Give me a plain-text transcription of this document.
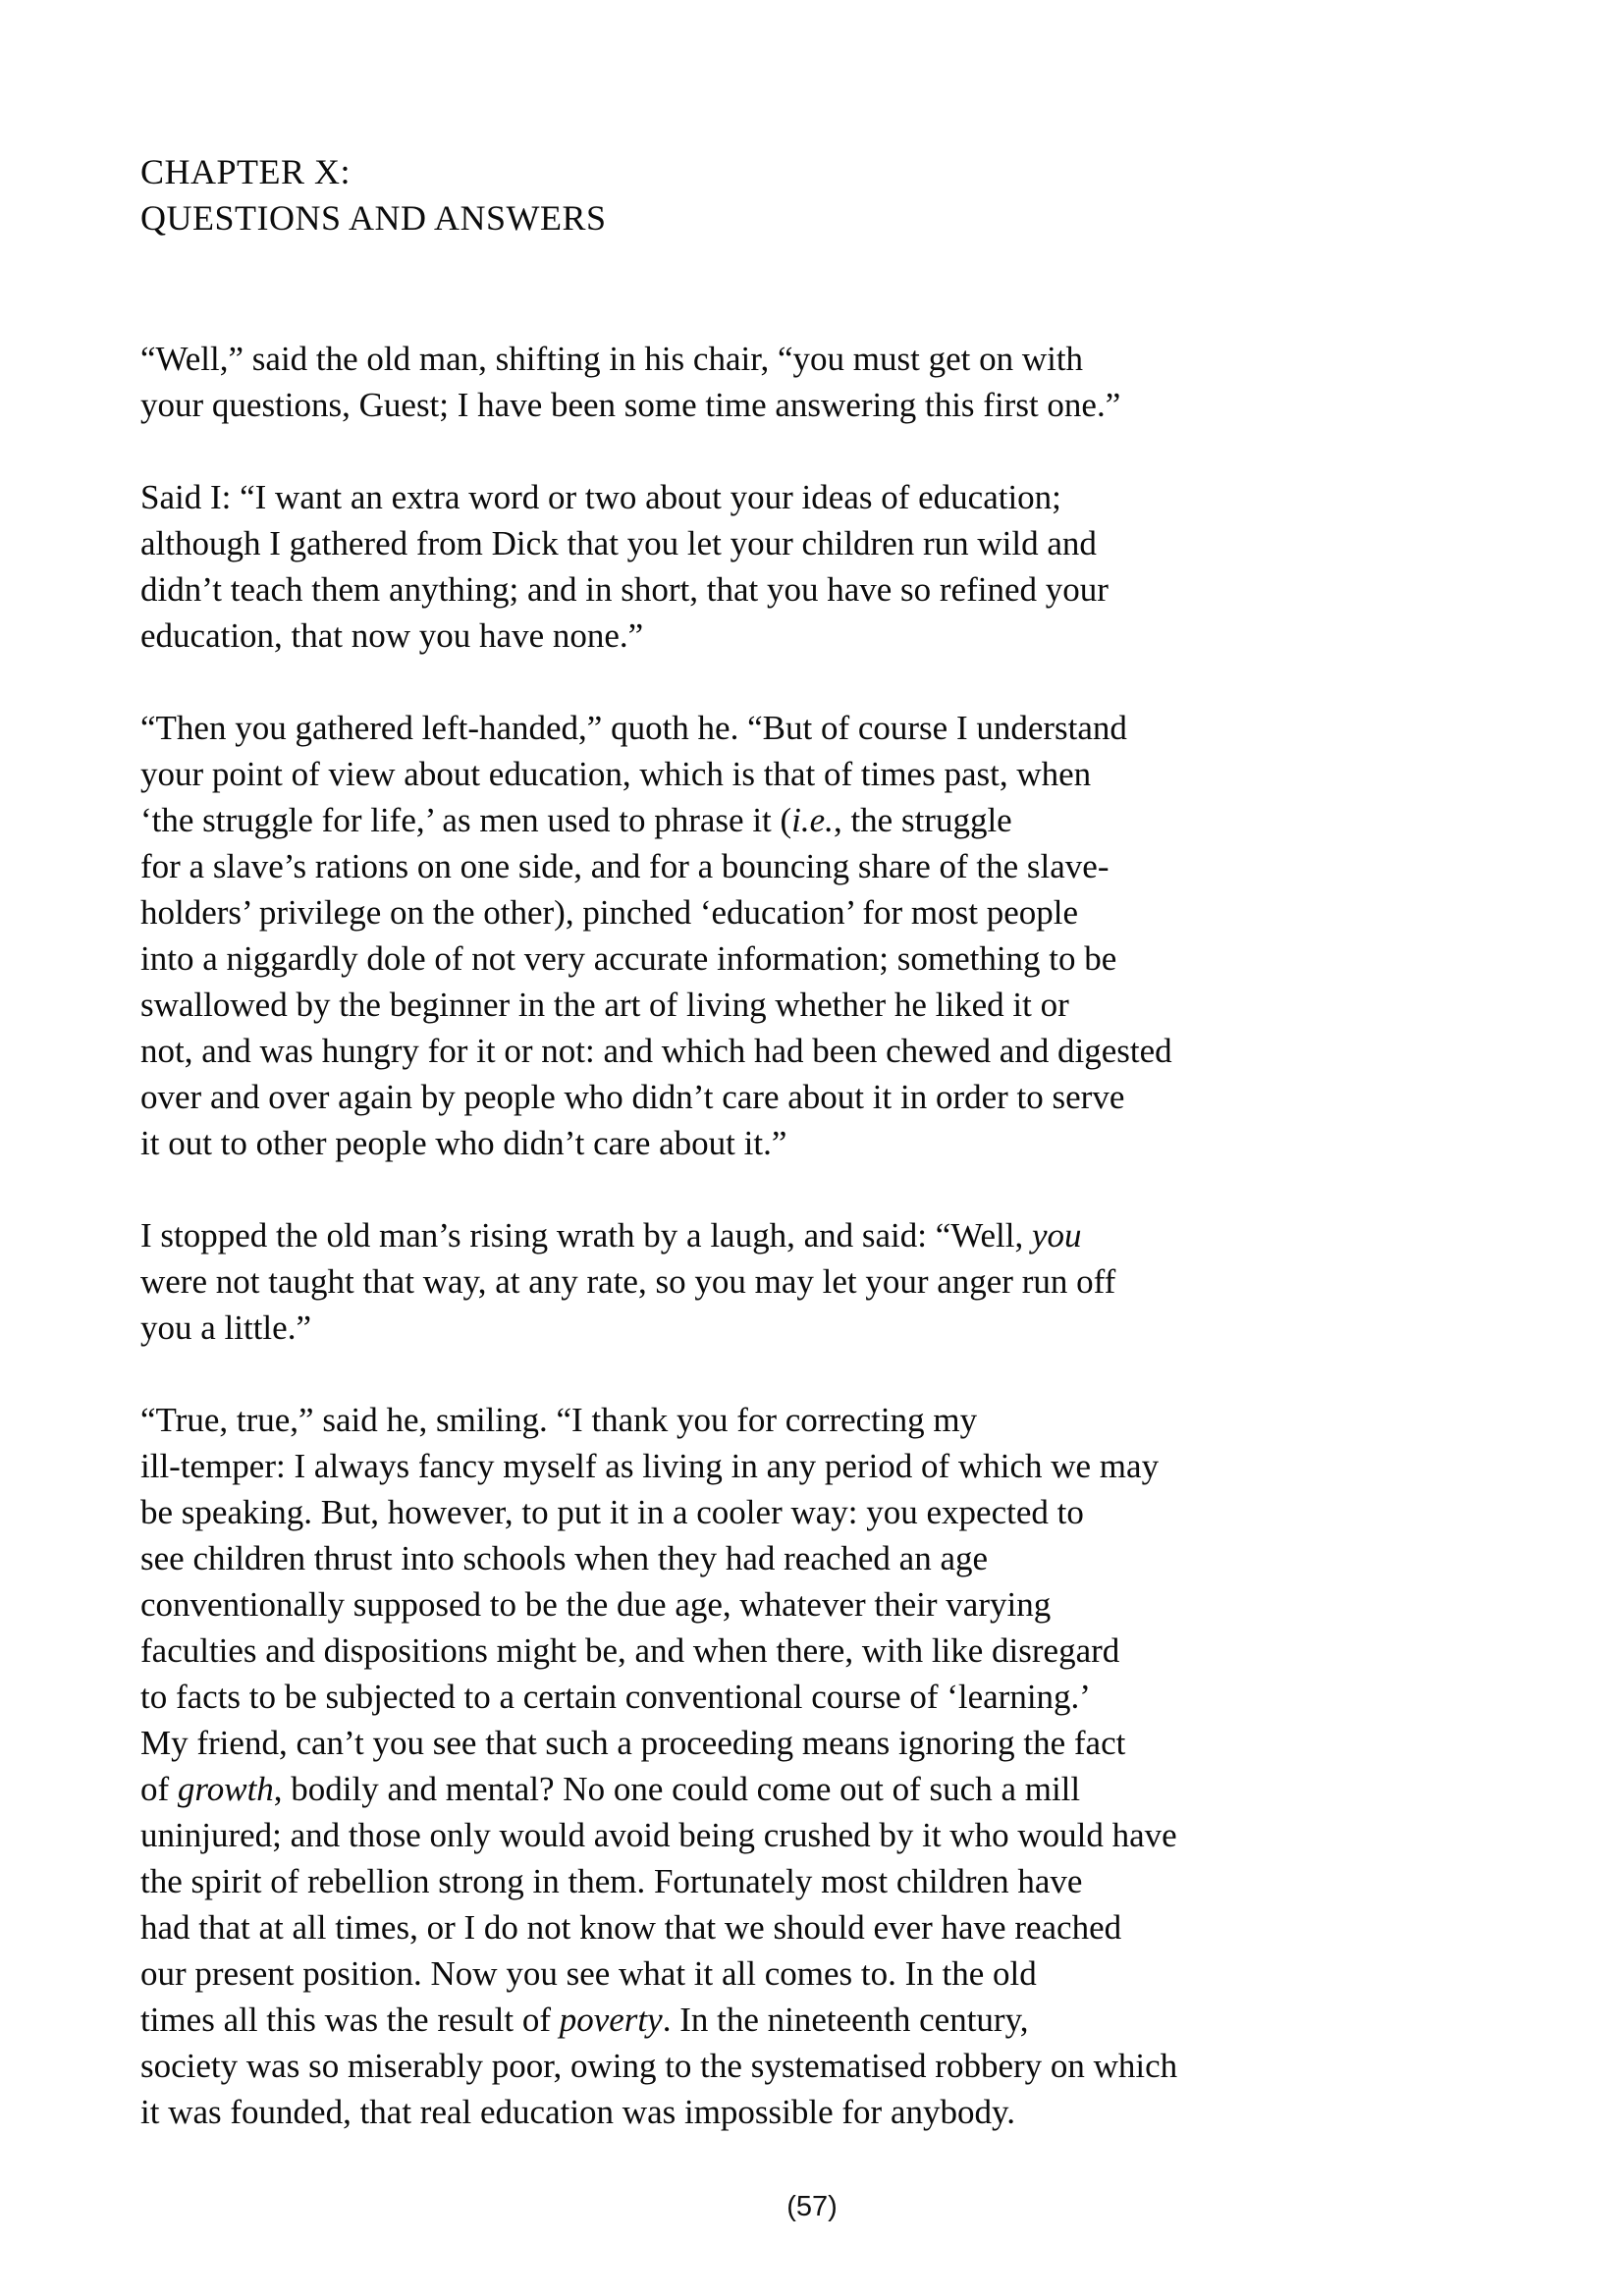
CHAPTER X:
QUESTIONS AND ANSWERS
“Well,” said the old man, shifting in his chair, “you must get on with
your questions, Guest; I have been some time answering this first one.”
Said I: “I want an extra word or two about your ideas of education;
although I gathered from Dick that you let your children run wild and
didn’t teach them anything; and in short, that you have so refined your
education, that now you have none.”
“Then you gathered left-handed,” quoth he. “But of course I understand
your point of view about education, which is that of times past, when
‘the struggle for life,’ as men used to phrase it (i.e., the struggle
for a slave’s rations on one side, and for a bouncing share of the slave-
holders’ privilege on the other), pinched ‘education’ for most people
into a niggardly dole of not very accurate information; something to be
swallowed by the beginner in the art of living whether he liked it or
not, and was hungry for it or not: and which had been chewed and digested
over and over again by people who didn’t care about it in order to serve
it out to other people who didn’t care about it.”
I stopped the old man’s rising wrath by a laugh, and said: “Well, you
were not taught that way, at any rate, so you may let your anger run off
you a little.”
“True, true,” said he, smiling. “I thank you for correcting my
ill-temper: I always fancy myself as living in any period of which we may
be speaking. But, however, to put it in a cooler way: you expected to
see children thrust into schools when they had reached an age
conventionally supposed to be the due age, whatever their varying
faculties and dispositions might be, and when there, with like disregard
to facts to be subjected to a certain conventional course of ‘learning.’
My friend, can’t you see that such a proceeding means ignoring the fact
of growth, bodily and mental? No one could come out of such a mill
uninjured; and those only would avoid being crushed by it who would have
the spirit of rebellion strong in them. Fortunately most children have
had that at all times, or I do not know that we should ever have reached
our present position. Now you see what it all comes to. In the old
times all this was the result of poverty. In the nineteenth century,
society was so miserably poor, owing to the systematised robbery on which
it was founded, that real education was impossible for anybody.
(57)
